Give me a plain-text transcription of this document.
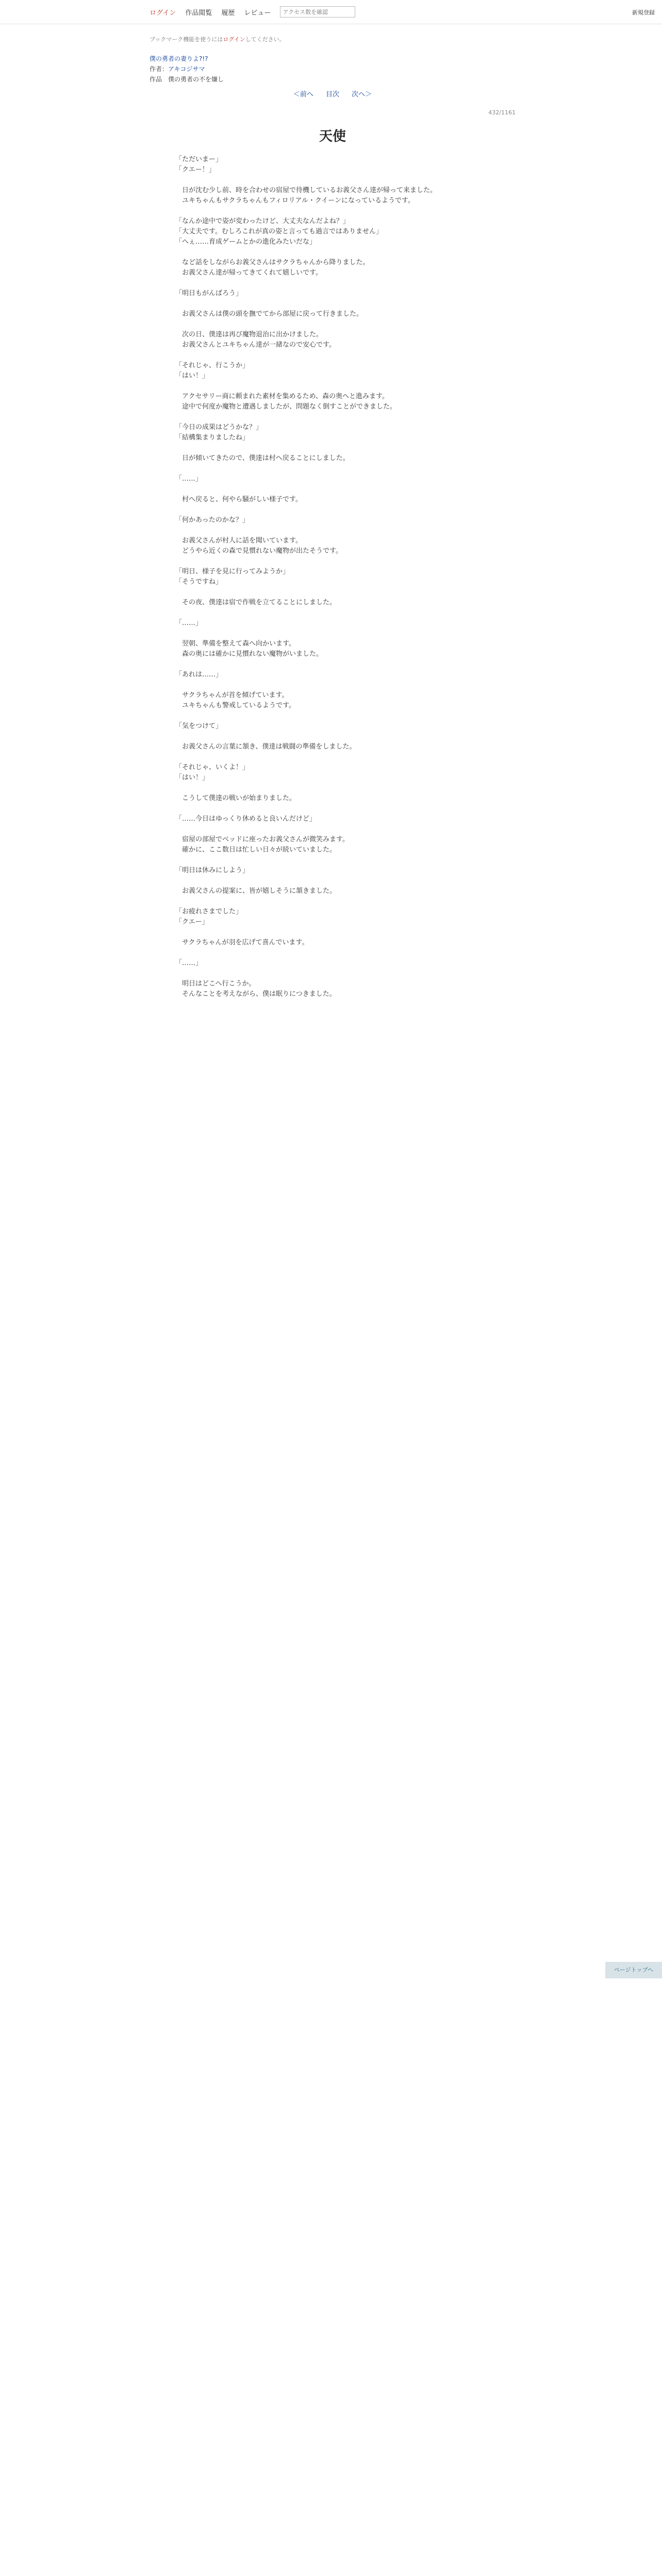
ログイン 作品閲覧 履歴 レビュー
アクセス数を確認	新規登録
ブックマーク機能を使うにはログインしてください。
僕の勇者の妻りよ?!?
作者：アキコジサマ
作品　 僕の勇者の不を嫌し
＜前へ 目次 次へ＞
432/1161
天使

「ただいまー」

「クエー！」

　日が沈む少し前、時を合わせの宿屋で待機しているお義父さん達が帰って来ました。

　ユキちゃんもサクラちゃんもフィロリアル・クイーンになっているようです。

「なんか途中で姿が変わったけど、大丈夫なんだよね？」

「大丈夫です。むしろこれが真の姿と言っても過言ではありません」

「へぇ……育成ゲームとかの進化みたいだな」

　など話をしながらお義父さんはサクラちゃんから降りました。

　お義父さん達が帰ってきてくれて嬉しいです。

「明日もがんばろう」

　お義父さんは僕の頭を撫でてから部屋に戻って行きました。

　次の日、僕達は再び魔物退治に出かけました。

　お義父さんとユキちゃん達が一緒なので安心です。

「それじゃ、行こうか」

「はい！」

　アクセサリー商に頼まれた素材を集めるため、森の奥へと進みます。

　途中で何度か魔物と遭遇しましたが、問題なく倒すことができました。

「今日の成果はどうかな？」

「結構集まりましたね」

　日が傾いてきたので、僕達は村へ戻ることにしました。

「……」

　村へ戻ると、何やら騒がしい様子です。

「何かあったのかな？」

　お義父さんが村人に話を聞いています。

　どうやら近くの森で見慣れない魔物が出たそうです。

「明日、様子を見に行ってみようか」

「そうですね」

　その夜、僕達は宿で作戦を立てることにしました。

「……」

　翌朝、準備を整えて森へ向かいます。

　森の奥には確かに見慣れない魔物がいました。

「あれは……」

　サクラちゃんが首を傾げています。

　ユキちゃんも警戒しているようです。

「気をつけて」

　お義父さんの言葉に頷き、僕達は戦闘の準備をしました。

「それじゃ、いくよ！」

「はい！」

　こうして僕達の戦いが始まりました。

「……今日はゆっくり休めると良いんだけど」

　宿屋の部屋でベッドに座ったお義父さんが微笑みます。

　確かに、ここ数日は忙しい日々が続いていました。

「明日は休みにしよう」

　お義父さんの提案に、皆が嬉しそうに頷きました。

「お疲れさまでした」

「クエー」

　サクラちゃんが羽を広げて喜んでいます。

「……」

　明日はどこへ行こうか。

　そんなことを考えながら、僕は眠りにつきました。

ページトップへ
